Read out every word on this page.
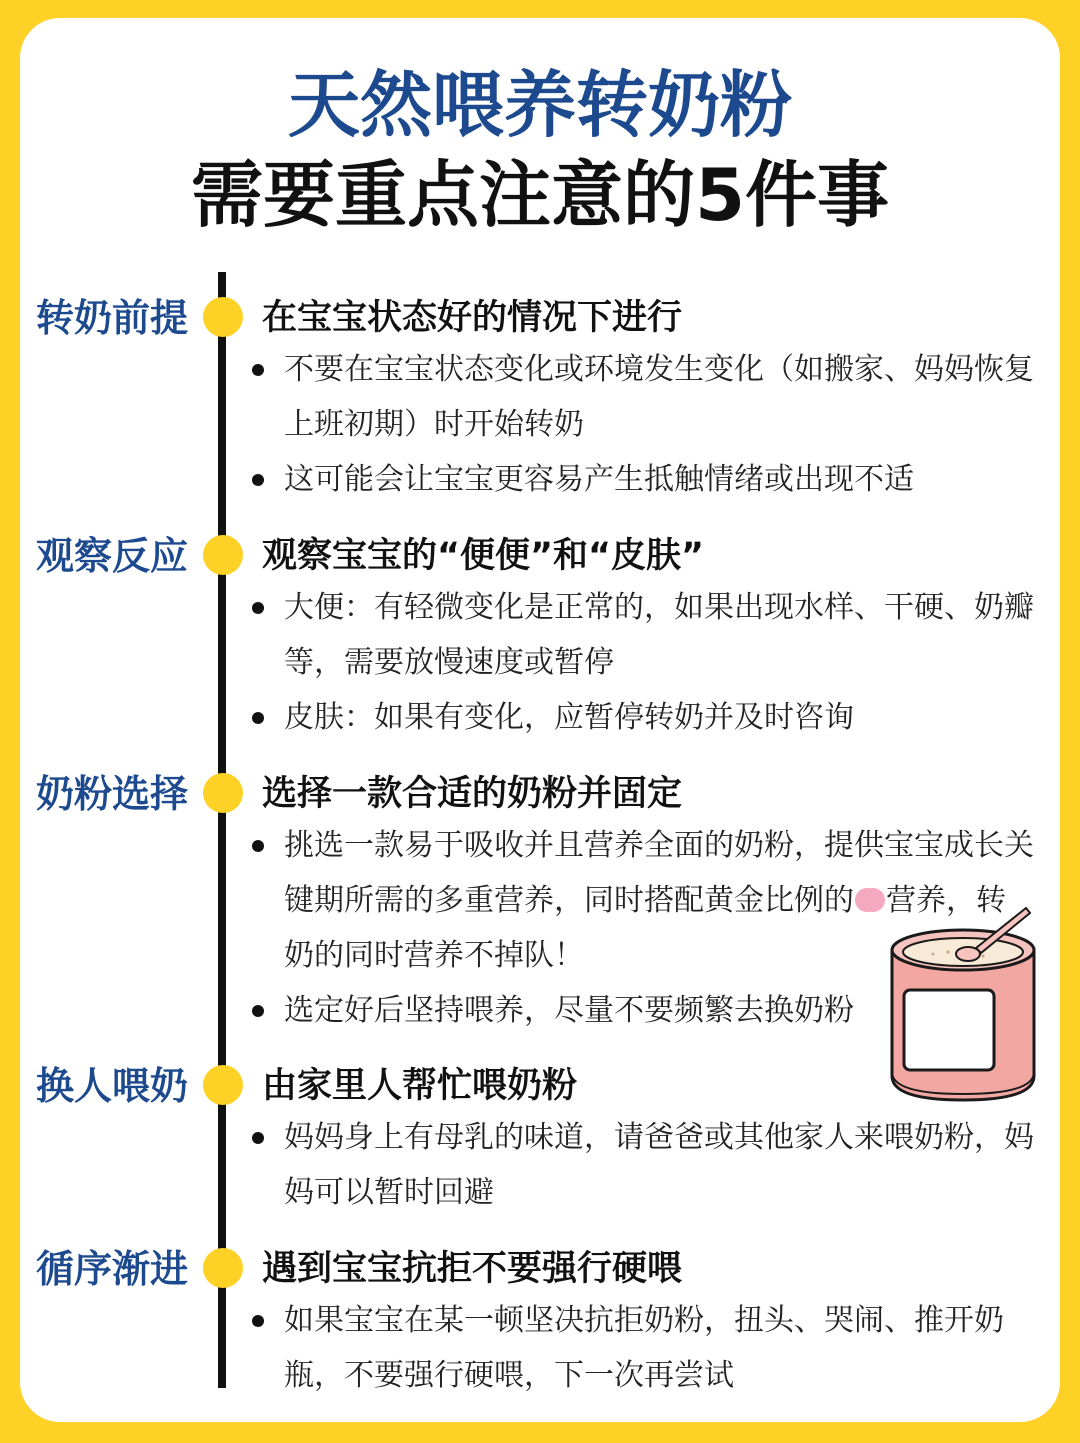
天然喂养转奶粉
需要重点注意的5件事
转奶前提 在宝宝状态好的情况下进行
不要在宝宝状态变化或环境发生变化（如搬家、妈妈恢复上班初期）时开始转奶
这可能会让宝宝更容易产生抵触情绪或出现不适
观察反应 观察宝宝的“便便”和“皮肤”
大便：有轻微变化是正常的，如果出现水样、干硬、奶瓣等，需要放慢速度或暂停
皮肤：如果有变化，应暂停转奶并及时咨询
奶粉选择 选择一款合适的奶粉并固定
挑选一款易于吸收并且营养全面的奶粉，提供宝宝成长关键期所需的多重营养，同时搭配黄金比例的 营养，转奶的同时营养不掉队！
选定好后坚持喂养，尽量不要频繁去换奶粉
换人喂奶 由家里人帮忙喂奶粉
妈妈身上有母乳的味道，请爸爸或其他家人来喂奶粉，妈妈可以暂时回避
循序渐进 遇到宝宝抗拒不要强行硬喂
如果宝宝在某一顿坚决抗拒奶粉，扭头、哭闹、推开奶瓶，不要强行硬喂，下一次再尝试
